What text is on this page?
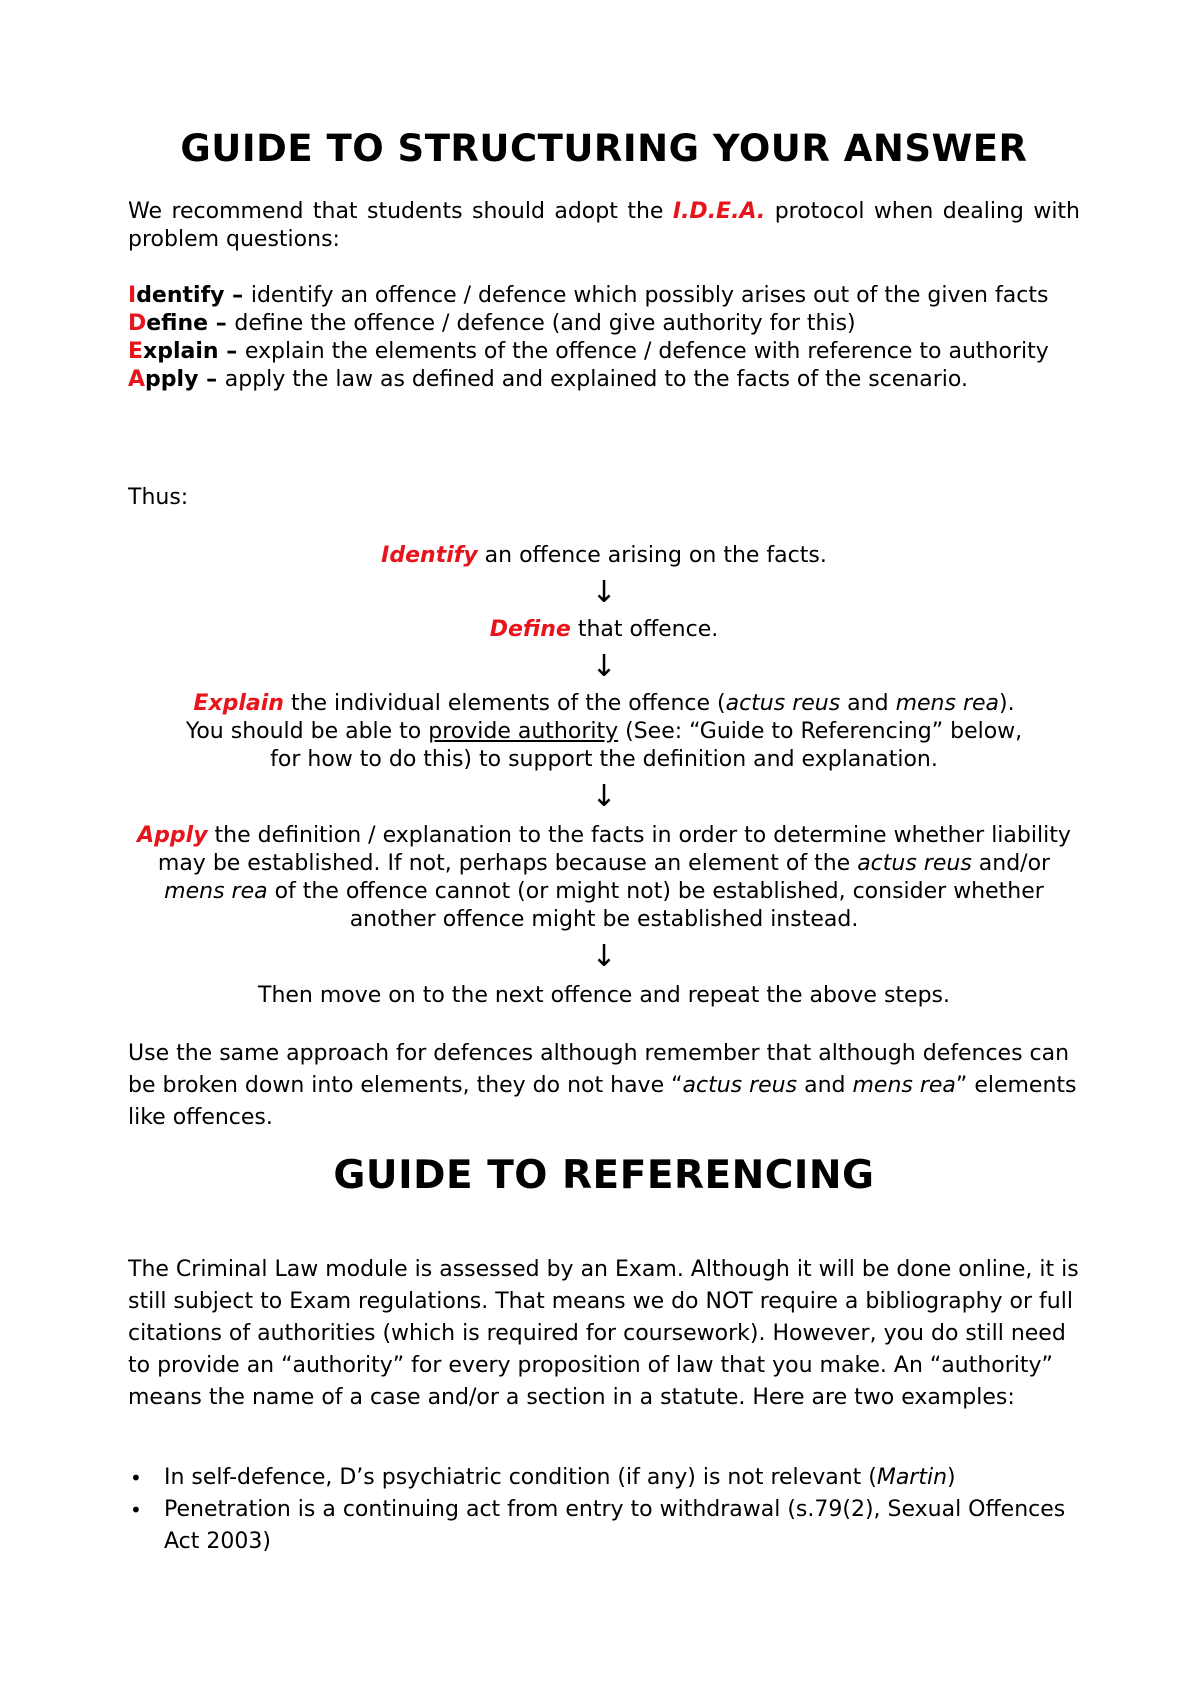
GUIDE TO STRUCTURING YOUR ANSWER
We recommend that students should adopt the I.D.E.A. protocol when dealing with problem questions:

Identify – identify an offence / defence which possibly arises out of the given facts

Define – define the offence / defence (and give authority for this)

Explain – explain the elements of the offence / defence with reference to authority

Apply – apply the law as defined and explained to the facts of the scenario.

Thus:
Identify an offence arising on the facts.
↓
Define that offence.
↓

Explain the individual elements of the offence (actus reus and mens rea).

You should be able to provide authority (See: “Guide to Referencing” below,

for how to do this) to support the definition and explanation.

↓
Apply the definition / explanation to the facts in order to determine whether liability may be established. If not, perhaps because an element of the actus reus and/or mens rea of the offence cannot (or might not) be established, consider whether another offence might be established instead.
↓
Then move on to the next offence and repeat the above steps.
Use the same approach for defences although remember that although defences can be broken down into elements, they do not have “actus reus and mens rea” elements like offences.
GUIDE TO REFERENCING
The Criminal Law module is assessed by an Exam. Although it will be done online, it is still subject to Exam regulations. That means we do NOT require a bibliography or full citations of authorities (which is required for coursework). However, you do still need to provide an “authority” for every proposition of law that you make. An “authority” means the name of a case and/or a section in a statute. Here are two examples:
• In self-defence, D’s psychiatric condition (if any) is not relevant (Martin)
• Penetration is a continuing act from entry to withdrawal (s.79(2), Sexual Offences Act 2003)
